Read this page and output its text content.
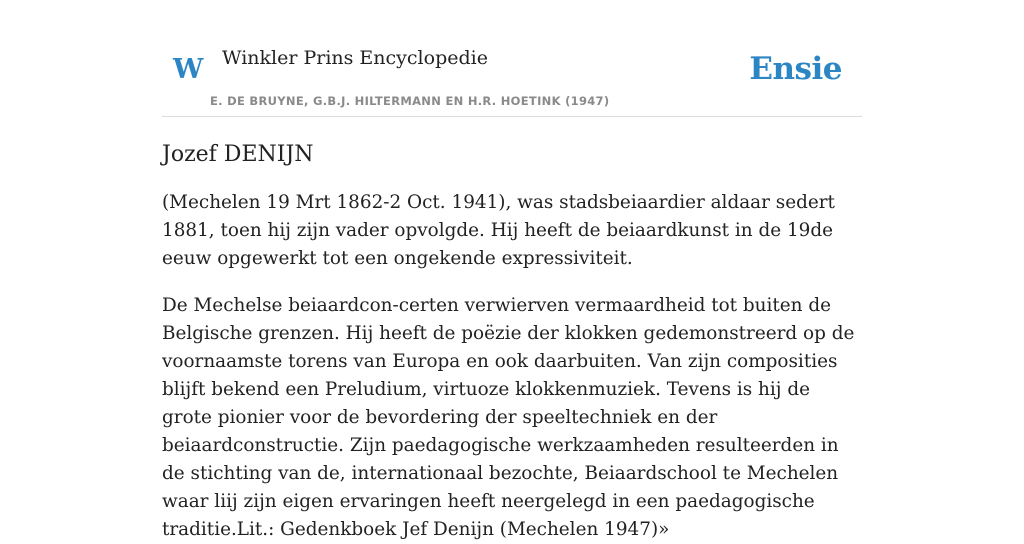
W Winkler Prins Encyclopedie
E. DE BRUYNE, G.B.J. HILTERMANN EN H.R. HOETINK (1947)
Ensie
Jozef DENIJN

(Mechelen 19 Mrt 1862-2 Oct. 1941), was stadsbeiaardier aldaar sedert 1881, toen hij zijn vader opvolgde. Hij heeft de beiaardkunst in de 19de eeuw opgewerkt tot een ongekende expressiviteit.

De Mechelse beiaardcon-certen verwierven vermaardheid tot buiten de Belgische grenzen. Hij heeft de poëzie der klokken gedemonstreerd op de voornaamste torens van Europa en ook daarbuiten. Van zijn composities blijft bekend een Preludium, virtuoze klokkenmuziek. Tevens is hij de grote pionier voor de bevordering der speeltechniek en der beiaardconstructie. Zijn paedagogische werkzaamheden resulteerden in de stichting van de, internationaal bezochte, Beiaardschool te Mechelen waar liij zijn eigen ervaringen heeft neergelegd in een paedagogische traditie.Lit.: Gedenkboek Jef Denijn (Mechelen 1947)»
